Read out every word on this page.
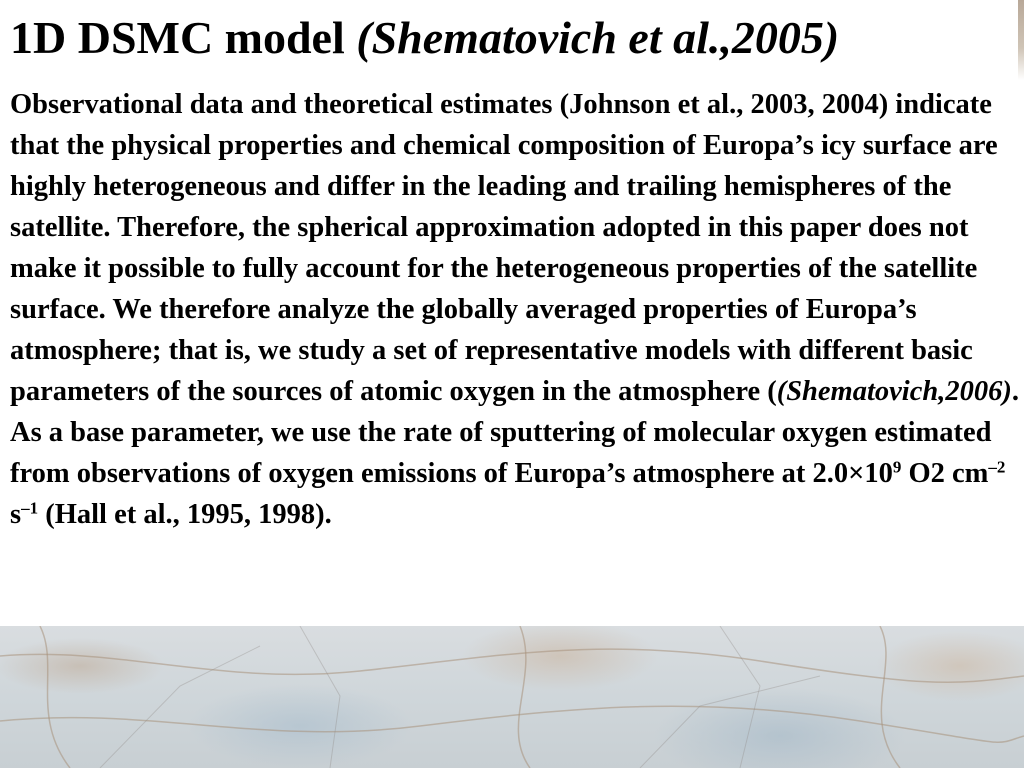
1D DSMC model (Shematovich et al.,2005)

Observational data and theoretical estimates (Johnson et al., 2003, 2004) indicate that the physical properties and chemical composition of Europa’s icy surface are highly heterogeneous and differ in the leading and trailing hemispheres of the satellite. Therefore, the spherical approximation adopted in this paper does not make it possible to fully account for the heterogeneous properties of the satellite surface. We therefore analyze the globally averaged properties of Europa’s atmosphere; that is, we study a set of representative models with different basic parameters of the sources of atomic oxygen in the atmosphere ((Shematovich,2006). As a base parameter, we use the rate of sputtering of molecular oxygen estimated from observations of oxygen emissions of Europa’s atmosphere at $2.0\times 10^9$ O2 $cm^{-2}$ $s^{-1}$ (Hall et al., 1995, 1998).
